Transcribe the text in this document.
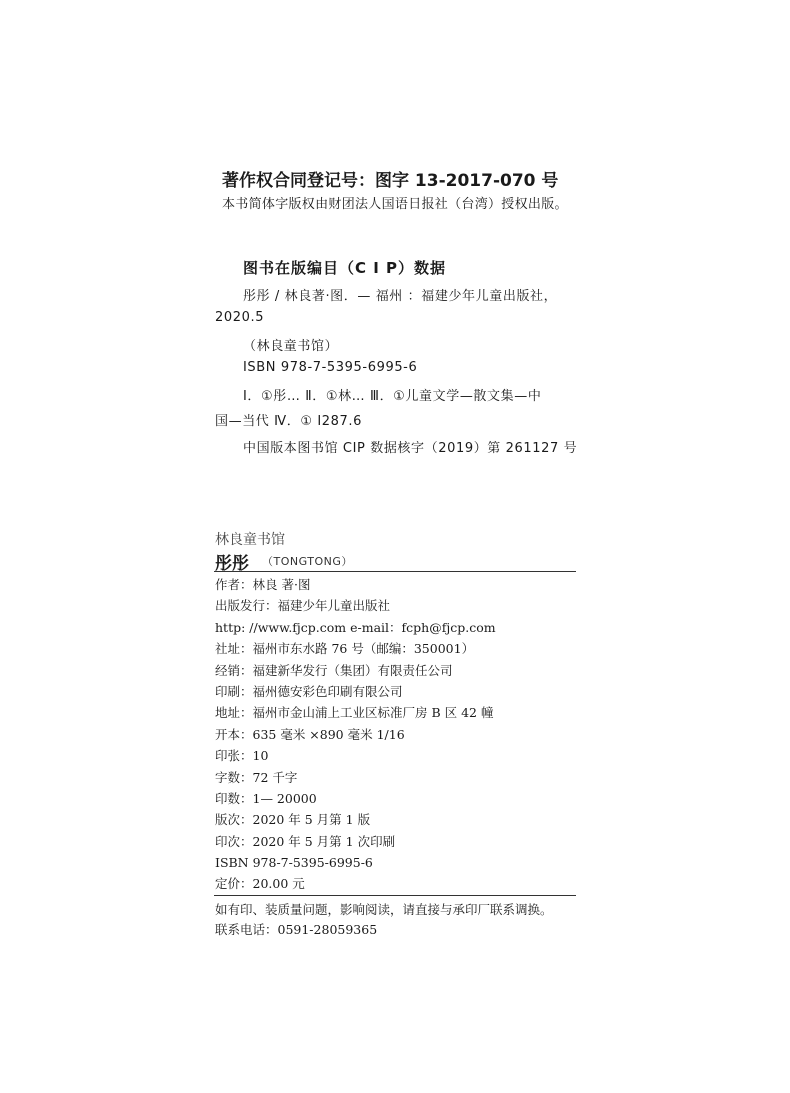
著作权合同登记号：图字 13-2017-070 号
本书简体字版权由财团法人国语日报社（台湾）授权出版。
图书在版编目（C I P）数据
彤彤 / 林良著·图．— 福州 ：福建少年儿童出版社，
2020.5
（林良童书馆）
ISBN 978-7-5395-6995-6
Ⅰ．①彤… Ⅱ．①林… Ⅲ．①儿童文学—散文集—中
国—当代 Ⅳ．① I287.6
中国版本图书馆 CIP 数据核字（2019）第 261127 号
林良童书馆
彤彤 （TONGTONG）
作者：林良 著·图
出版发行：福建少年儿童出版社
http: //www.fjcp.com e-mail：fcph@fjcp.com
社址：福州市东水路 76 号（邮编：350001）
经销：福建新华发行（集团）有限责任公司
印刷：福州德安彩色印刷有限公司
地址：福州市金山浦上工业区标准厂房 B 区 42 幢
开本：635 毫米 ×890 毫米 1/16
印张：10
字数：72 千字
印数：1— 20000
版次：2020 年 5 月第 1 版
印次：2020 年 5 月第 1 次印刷
ISBN 978-7-5395-6995-6
定价：20.00 元
如有印、装质量问题，影响阅读，请直接与承印厂联系调换。
联系电话：0591-28059365
